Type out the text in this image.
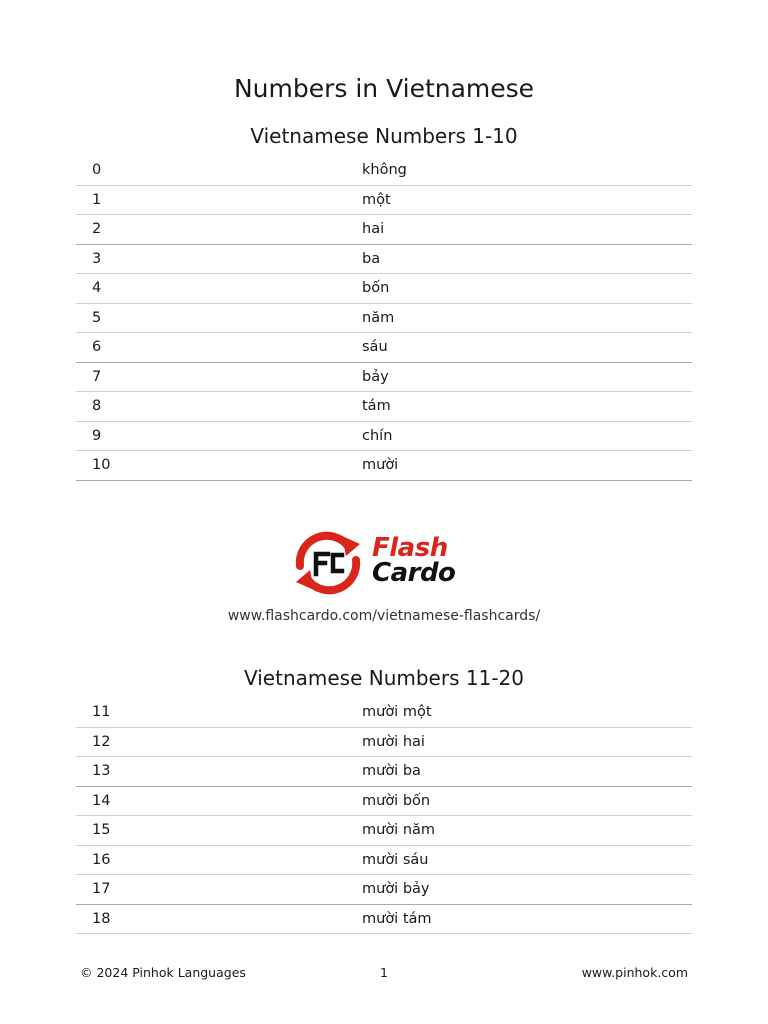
Numbers in Vietnamese
Vietnamese Numbers 1-10
0	không
1	một
2	hai
3	ba
4	bốn
5	năm
6	sáu
7	bảy
8	tám
9	chín
10	mười
Flash
Cardo
www.flashcardo.com/vietnamese-flashcards/
Vietnamese Numbers 11-20
11	mười một
12	mười hai
13	mười ba
14	mười bốn
15	mười năm
16	mười sáu
17	mười bảy
18	mười tám
© 2024 Pinhok Languages	1	www.pinhok.com
